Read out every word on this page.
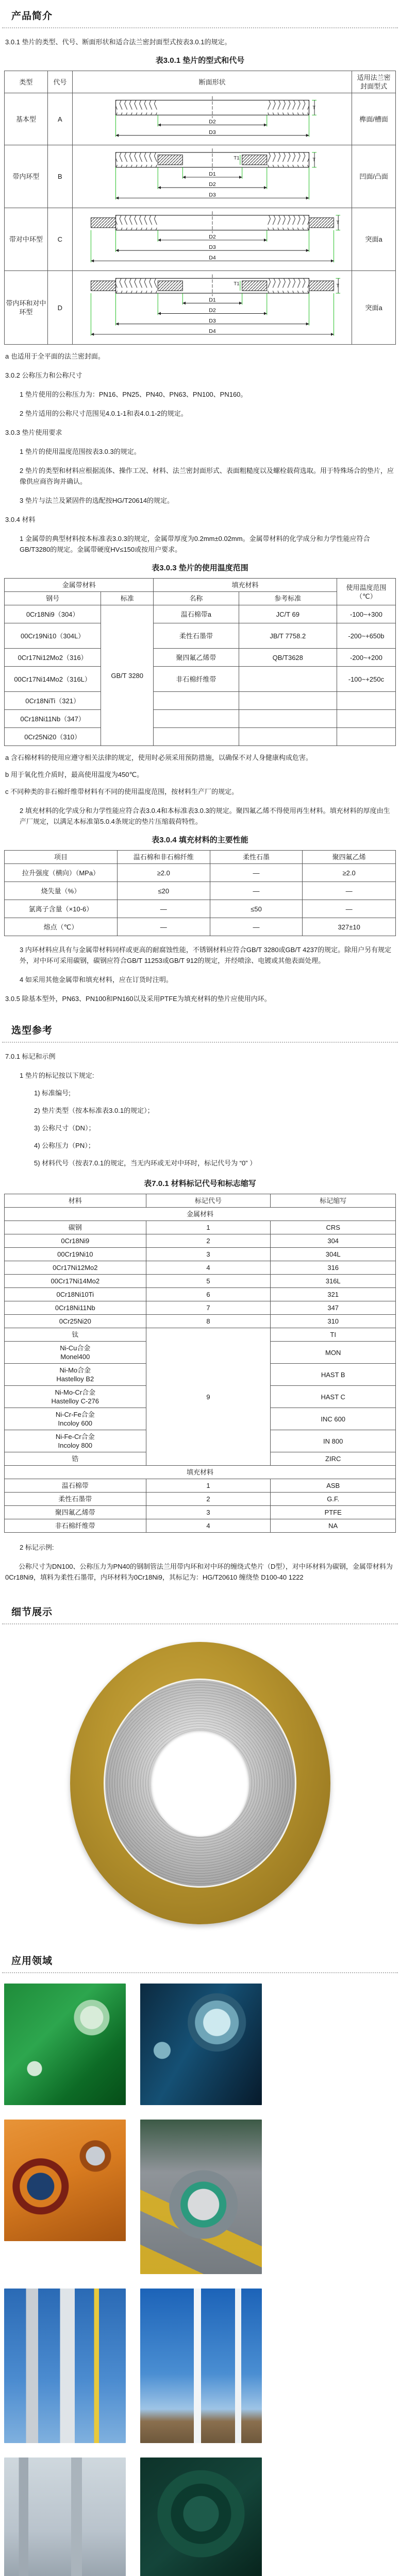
产品简介

3.0.1 垫片的类型、代号、断面形状和适合法兰密封面型式按表3.0.1的规定。

表3.0.1 垫片的型式和代号
类型	代号	断面形状	适用法兰密封面型式
基本型	A	T
D2
D3	榫面/槽面
带内环型	B	T1 T
D1
D2
D3	凹面/凸面
带对中环型	C	T
D2
D3
D4	突面a
带内环和对中环型	D	
T1	T
D1
D2
D3
D4
	突面a

a 也适用于全平面的法兰密封面。

3.0.2 公称压力和公称尺寸

1 垫片使用的公称压力为：PN16、PN25、PN40、PN63、PN100、PN160。

2 垫片适用的公称尺寸范围见4.0.1-1和表4.0.1-2的规定。

3.0.3 垫片使用要求

1 垫片的使用温度范围按表3.0.3的规定。

2 垫片的类型和材料应根据流体、操作工况、材料、法兰密封面形式、表面粗糙度以及螺栓载荷选取。用于特殊场合的垫片，应像供应商咨询并确认。

3 垫片与法兰及紧固件的选配按HG/T20614的规定。

3.0.4 材料

1 金属带的典型材料按本标准表3.0.3的规定，金属带厚度为0.2mm±0.02mm。金属带材料的化学成分和力学性能应符合GB/T3280的规定。金属带硬度HV≤150或按用户要求。

表3.0.3 垫片的使用温度范围
金属带材料		填充材料		使用温度范围（℃）
钢号	标准	名称	参考标准	
0Cr18Ni9（304）	GB/T 3280	温石棉带a	JC/T 69	-100~+300
00Cr19Ni10（304L）		柔性石墨带	JB/T 7758.2	-200~+650b
0Cr17Ni12Mo2（316）		聚四氟乙烯带	QB/T3628	-200~+200
00Cr17Ni14Mo2（316L）		非石棉纤维带		-100~+250c
0Cr18NiTi（321）				
0Cr18Ni11Nb（347）				
0Cr25Ni20（310）				

a 含石棉材料的使用应遵守相关法律的规定，使用时必须采用预防措施，以确保不对人身健康构成危害。

b 用于氧化性介质时，最高使用温度为450℃。

c 不同种类的非石棉纤维带材料有不同的使用温度范围，按材料生产厂的规定。

2 填充材料的化学成分和力学性能应符合表3.0.4和本标准表3.0.3的规定。聚四氟乙烯不得使用再生材料。填充材料的厚度由生产厂规定，以满足本标准第5.0.4条规定的垫片压缩载荷特性。

表3.0.4 填充材料的主要性能
项目	温石棉和非石棉纤维	柔性石墨	聚四氟乙烯
拉升强度（横向）（MPa）	≥2.0	—	≥2.0
烧失量（%）	≤20	—	—
氯离子含量（×10-6）	—	≤50	—
熔点（℃）	—	—	327±10

3 内环材料应具有与金属带材料同样或更高的耐腐蚀性能，不锈钢材料应符合GB/T 3280或GB/T 4237的规定。除用户另有规定外，对中环可采用碳钢，碳钢应符合GB/T 11253或GB/T 912的规定，并经喷涂、电镀或其他表面处理。

4 如采用其他金属带和填充材料，应在订货时注明。

3.0.5 除基本型外，PN63、PN100和PN160以及采用PTFE为填充材料的垫片应使用内环。

选型参考

7.0.1 标记和示例

1 垫片的标记按以下规定:

1) 标准编号;

2) 垫片类型（按本标准表3.0.1的规定）；

3) 公称尺寸（DN）；

4) 公称压力（PN）；

5) 材料代号（按表7.0.1的规定，当无内环或无对中环时，标记代号为 “0” ）

表7.0.1 材料标记代号和标志缩写
材料	标记代号	标记缩写
金属材料		
碳钢	1	CRS
0Cr18Ni9	2	304
00Cr19Ni10	3	304L
0Cr17Ni12Mo2	4	316
00Cr17Ni14Mo2	5	316L
0Cr18Ni10Ti	6	321
0Cr18Ni11Nb	7	347
0Cr25Ni20	8	310

钛	9	TI

Ni-Cu合金
Monel400		MON

Ni-Mo合金
Hastelloy B2		HAST B

Ni-Mo-Cr合金
Hastelloy C-276		HAST C

Ni-Cr-Fe合金
Incoloy 600		INC 600

Ni-Fe-Cr合金
Incoloy 800		IN 800

锆		ZIRC
填充材料		
温石棉带	1	ASB
柔性石墨带	2	G.F.
聚四氟乙烯带	3	PTFE
非石棉纤维带	4	NA

2 标记示例:

公称尺寸为DN100、公称压力为PN40的钢制管法兰用带内环和对中环的缠绕式垫片（D型），对中环材料为碳钢，金属带材料为0Cr18Ni9，填料为柔性石墨带，内环材料为0Cr18Ni9，其标记为：HG/T20610 缠绕垫 D100-40 1222

细节展示
应用领域
